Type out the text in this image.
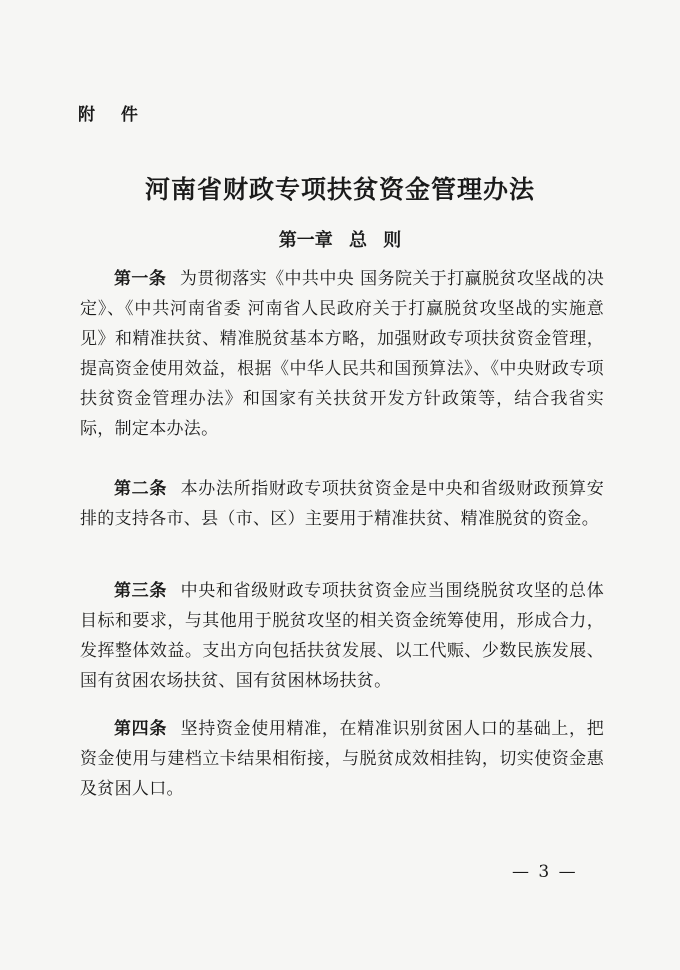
附 件
河南省财政专项扶贫资金管理办法
第一章 总 则

第一条 为贯彻落实《中共中央 国务院关于打赢脱贫攻坚战的决定》、《中共河南省委 河南省人民政府关于打赢脱贫攻坚战的实施意见》和精准扶贫、精准脱贫基本方略，加强财政专项扶贫资金管理，提高资金使用效益，根据《中华人民共和国预算法》、《中央财政专项扶贫资金管理办法》和国家有关扶贫开发方针政策等，结合我省实际，制定本办法。

第二条 本办法所指财政专项扶贫资金是中央和省级财政预算安排的支持各市、县（市、区）主要用于精准扶贫、精准脱贫的资金。

第三条 中央和省级财政专项扶贫资金应当围绕脱贫攻坚的总体目标和要求，与其他用于脱贫攻坚的相关资金统筹使用，形成合力，发挥整体效益。支出方向包括扶贫发展、以工代赈、少数民族发展、国有贫困农场扶贫、国有贫困林场扶贫。

第四条 坚持资金使用精准，在精准识别贫困人口的基础上，把资金使用与建档立卡结果相衔接，与脱贫成效相挂钩，切实使资金惠及贫困人口。

— 3 —
